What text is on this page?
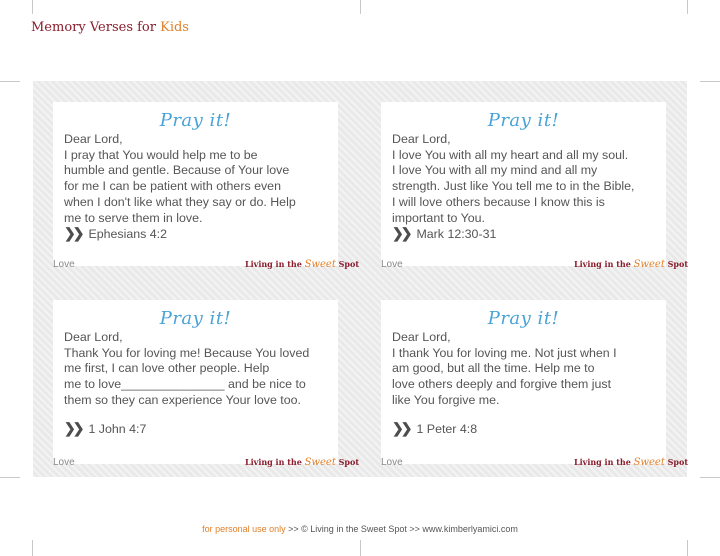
Memory Verses for Kids
Pray it!
Dear Lord,
I pray that You would help me to be
humble and gentle. Because of Your love
for me I can be patient with others even
when I don't like what they say or do. Help
me to serve them in love.
❯❯ Ephesians 4:2
Love	Living in the Sweet Spot
Pray it!
Dear Lord,
I love You with all my heart and all my soul.
I love You with all my mind and all my
strength. Just like You tell me to in the Bible,
I will love others because I know this is
important to You.
❯❯ Mark 12:30-31
Love	Living in the Sweet Spot
Pray it!
Dear Lord,
Thank You for loving me! Because You loved
me first, I can love other people. Help
me to love_______________ and be nice to
them so they can experience Your love too.
❯❯ 1 John 4:7
Love	Living in the Sweet Spot
Pray it!
Dear Lord,
I thank You for loving me. Not just when I
am good, but all the time. Help me to
love others deeply and forgive them just
like You forgive me.
❯❯ 1 Peter 4:8
Love	Living in the Sweet Spot
for personal use only >> © Living in the Sweet Spot >> www.kimberlyamici.com
